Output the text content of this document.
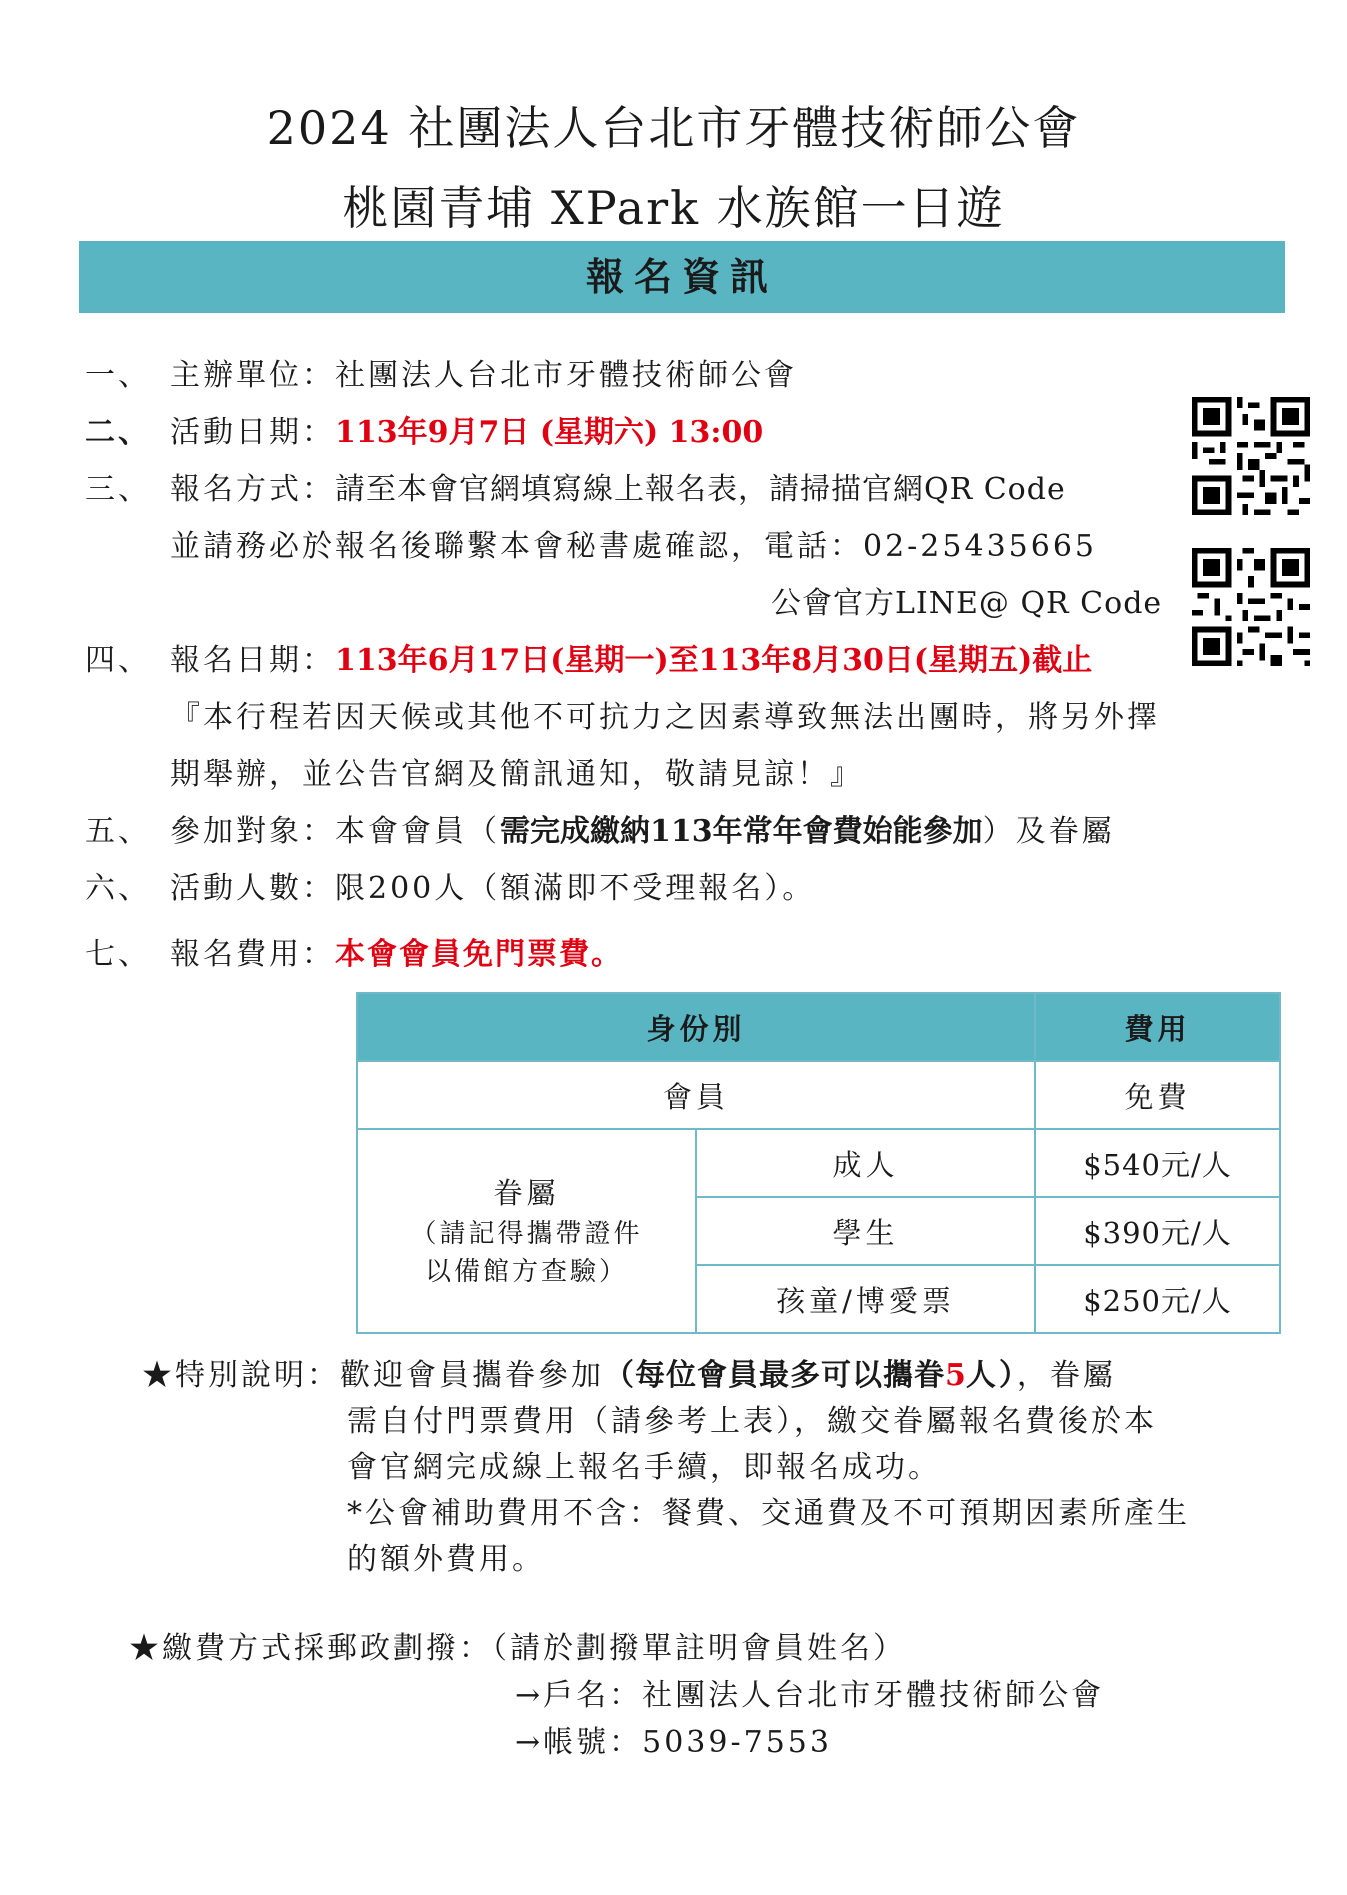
2024 社團法人台北市牙體技術師公會
桃園青埔 XPark 水族館一日遊
報名資訊
一、 主辦單位：社團法人台北市牙體技術師公會
二、 活動日期：113年9月7日 (星期六) 13:00
三、 報名方式：請至本會官網填寫線上報名表，請掃描官網QR Code
並請務必於報名後聯繫本會秘書處確認，電話：02-25435665
公會官方LINE@ QR Code
四、 報名日期：113年6月17日(星期一)至113年8月30日(星期五)截止
『本行程若因天候或其他不可抗力之因素導致無法出團時，將另外擇
期舉辦，並公告官網及簡訊通知，敬請見諒！』
五、 參加對象：本會會員（需完成繳納113年常年會費始能參加）及眷屬
六、 活動人數：限200人（額滿即不受理報名）。
七、 報名費用：本會會員免門票費。
身份別		費用
會員		免費

眷屬
（請記得攜帶證件
以備館方查驗）	成人	$540元/人
	學生	$390元/人
	孩童/博愛票	$250元/人
★特別說明：歡迎會員攜眷參加（每位會員最多可以攜眷5人），眷屬
需自付門票費用（請參考上表），繳交眷屬報名費後於本
會官網完成線上報名手續，即報名成功。
*公會補助費用不含：餐費、交通費及不可預期因素所產生
的額外費用。
★繳費方式採郵政劃撥：（請於劃撥單註明會員姓名）
→戶名：社團法人台北市牙體技術師公會
→帳號：5039-7553
